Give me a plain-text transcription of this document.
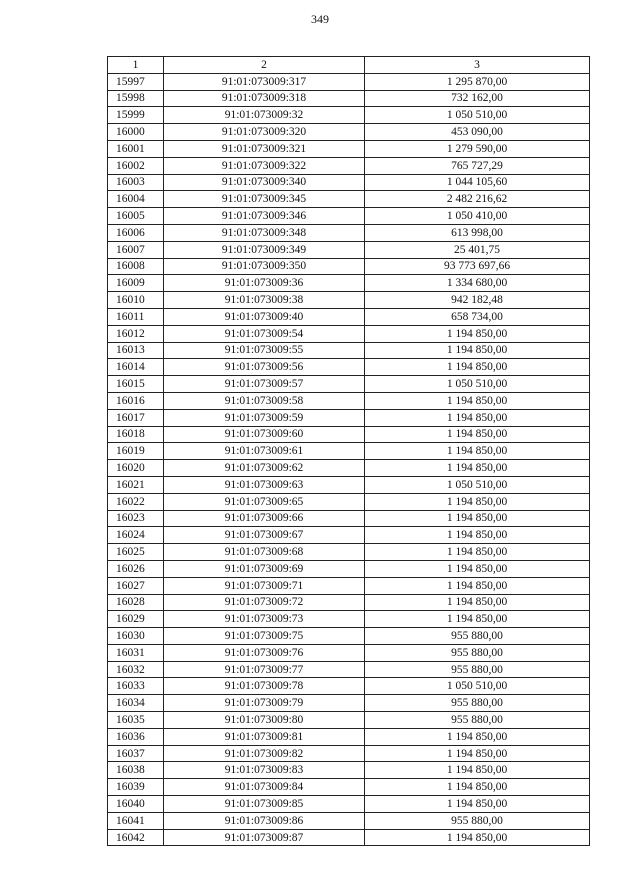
349
1	2	3
15997	91:01:073009:317	1 295 870,00
15998	91:01:073009:318	732 162,00
15999	91:01:073009:32	1 050 510,00
16000	91:01:073009:320	453 090,00
16001	91:01:073009:321	1 279 590,00
16002	91:01:073009:322	765 727,29
16003	91:01:073009:340	1 044 105,60
16004	91:01:073009:345	2 482 216,62
16005	91:01:073009:346	1 050 410,00
16006	91:01:073009:348	613 998,00
16007	91:01:073009:349	25 401,75
16008	91:01:073009:350	93 773 697,66
16009	91:01:073009:36	1 334 680,00
16010	91:01:073009:38	942 182,48
16011	91:01:073009:40	658 734,00
16012	91:01:073009:54	1 194 850,00
16013	91:01:073009:55	1 194 850,00
16014	91:01:073009:56	1 194 850,00
16015	91:01:073009:57	1 050 510,00
16016	91:01:073009:58	1 194 850,00
16017	91:01:073009:59	1 194 850,00
16018	91:01:073009:60	1 194 850,00
16019	91:01:073009:61	1 194 850,00
16020	91:01:073009:62	1 194 850,00
16021	91:01:073009:63	1 050 510,00
16022	91:01:073009:65	1 194 850,00
16023	91:01:073009:66	1 194 850,00
16024	91:01:073009:67	1 194 850,00
16025	91:01:073009:68	1 194 850,00
16026	91:01:073009:69	1 194 850,00
16027	91:01:073009:71	1 194 850,00
16028	91:01:073009:72	1 194 850,00
16029	91:01:073009:73	1 194 850,00
16030	91:01:073009:75	955 880,00
16031	91:01:073009:76	955 880,00
16032	91:01:073009:77	955 880,00
16033	91:01:073009:78	1 050 510,00
16034	91:01:073009:79	955 880,00
16035	91:01:073009:80	955 880,00
16036	91:01:073009:81	1 194 850,00
16037	91:01:073009:82	1 194 850,00
16038	91:01:073009:83	1 194 850,00
16039	91:01:073009:84	1 194 850,00
16040	91:01:073009:85	1 194 850,00
16041	91:01:073009:86	955 880,00
16042	91:01:073009:87	1 194 850,00
